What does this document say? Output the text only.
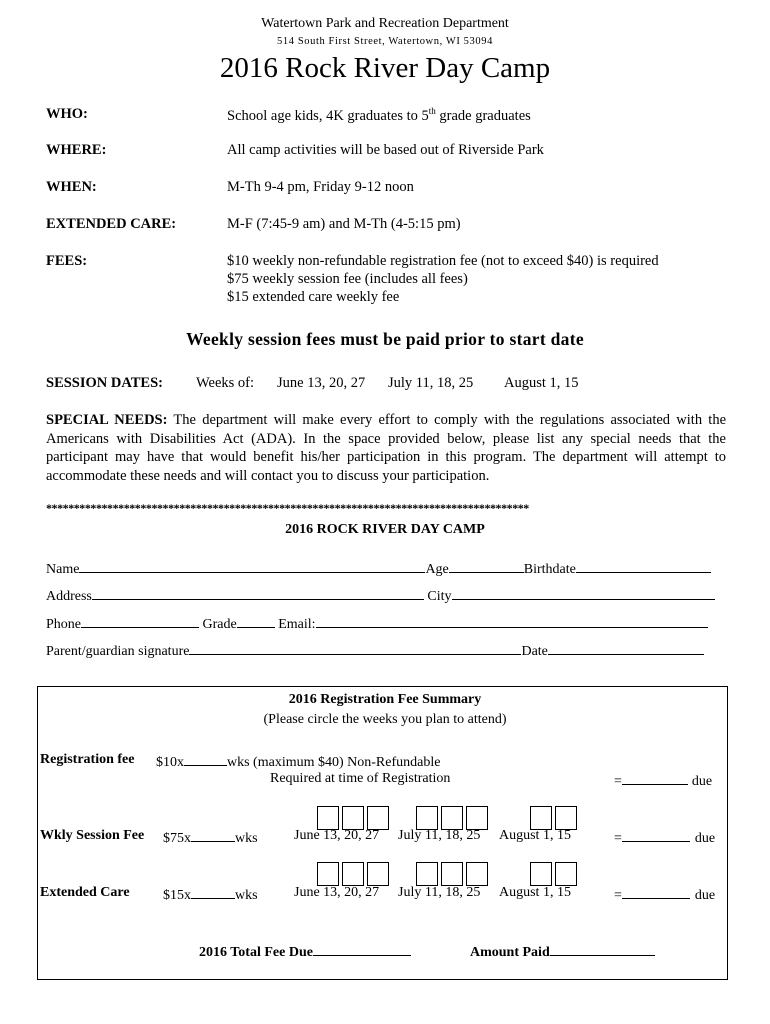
Watertown Park and Recreation Department
514 South First Street, Watertown, WI 53094
2016 Rock River Day Camp
WHO:	School age kids, 4K graduates to 5th grade graduates
WHERE:	All camp activities will be based out of Riverside Park
WHEN:	M-Th 9-4 pm, Friday 9-12 noon
EXTENDED CARE:	M-F (7:45-9 am) and M-Th (4-5:15 pm)
FEES:	$10 weekly non-refundable registration fee (not to exceed $40) is required
$75 weekly session fee (includes all fees)
$15 extended care weekly fee
Weekly session fees must be paid prior to start date
SESSION DATES: Weeks of: June 13, 20, 27 July 11, 18, 25 August 1, 15
SPECIAL NEEDS: The department will make every effort to comply with the regulations associated with the Americans with Disabilities Act (ADA). In the space provided below, please list any special needs that the participant may have that would benefit his/her participation in this program. The department will attempt to accommodate these needs and will contact you to discuss your participation.
***************************************************************************************
2016 ROCK RIVER DAY CAMP
Name	Age	Birthdate
Address	City
Phone	Grade	Email:
Parent/guardian signature	Date
2016 Registration Fee Summary
(Please circle the weeks you plan to attend)
Registration fee $10x	wks (maximum $40) Non-Refundable
Required at time of Registration	=	due
Wkly Session Fee $75x	wks	June 13, 20, 27 July 11, 18, 25 August 1, 15	=	due
Extended Care $15x	wks	June 13, 20, 27 July 11, 18, 25 August 1, 15	=	due
2016 Total Fee Due	Amount Paid
